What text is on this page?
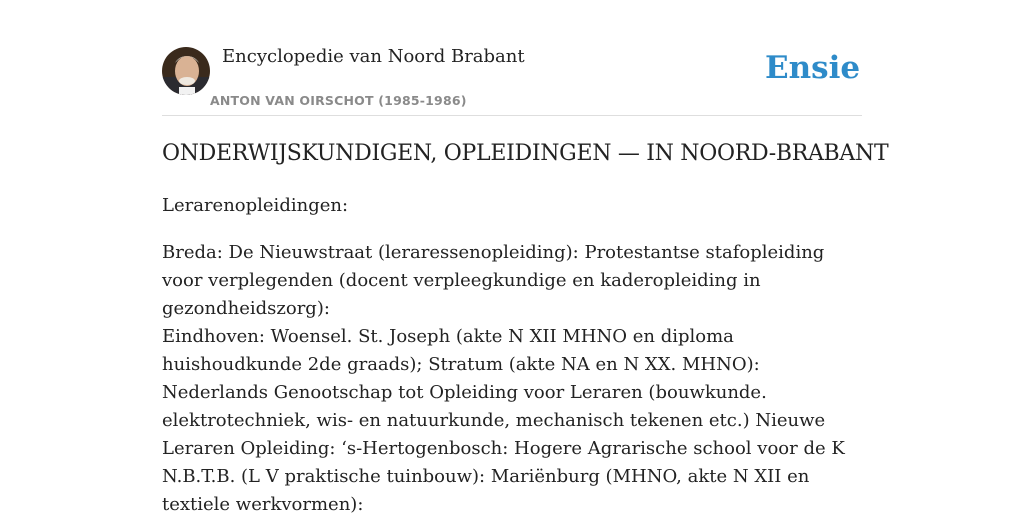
Encyclopedie van Noord Brabant
ANTON VAN OIRSCHOT (1985-1986)
Ensie
ONDERWIJSKUNDIGEN, OPLEIDINGEN — IN NOORD-BRABANT
Lerarenopleidingen:

Breda: De Nieuwstraat (leraressenopleiding): Protestantse stafopleiding voor verplegenden (docent verpleegkundige en kaderopleiding in gezondheidszorg):

Eindhoven: Woensel. St. Joseph (akte N XII MHNO en diploma huishoudkunde 2de graads); Stratum (akte NA en N XX. MHNO): Nederlands Genootschap tot Opleiding voor Leraren (bouwkunde. elektrotechniek, wis- en natuurkunde, mechanisch tekenen etc.) Nieuwe Leraren Opleiding: ‘s-Hertogenbosch: Hogere Agrarische school voor de K N.B.T.B. (L V praktische tuinbouw): Mariënburg (MHNO, akte N XII en textiele werkvormen):
